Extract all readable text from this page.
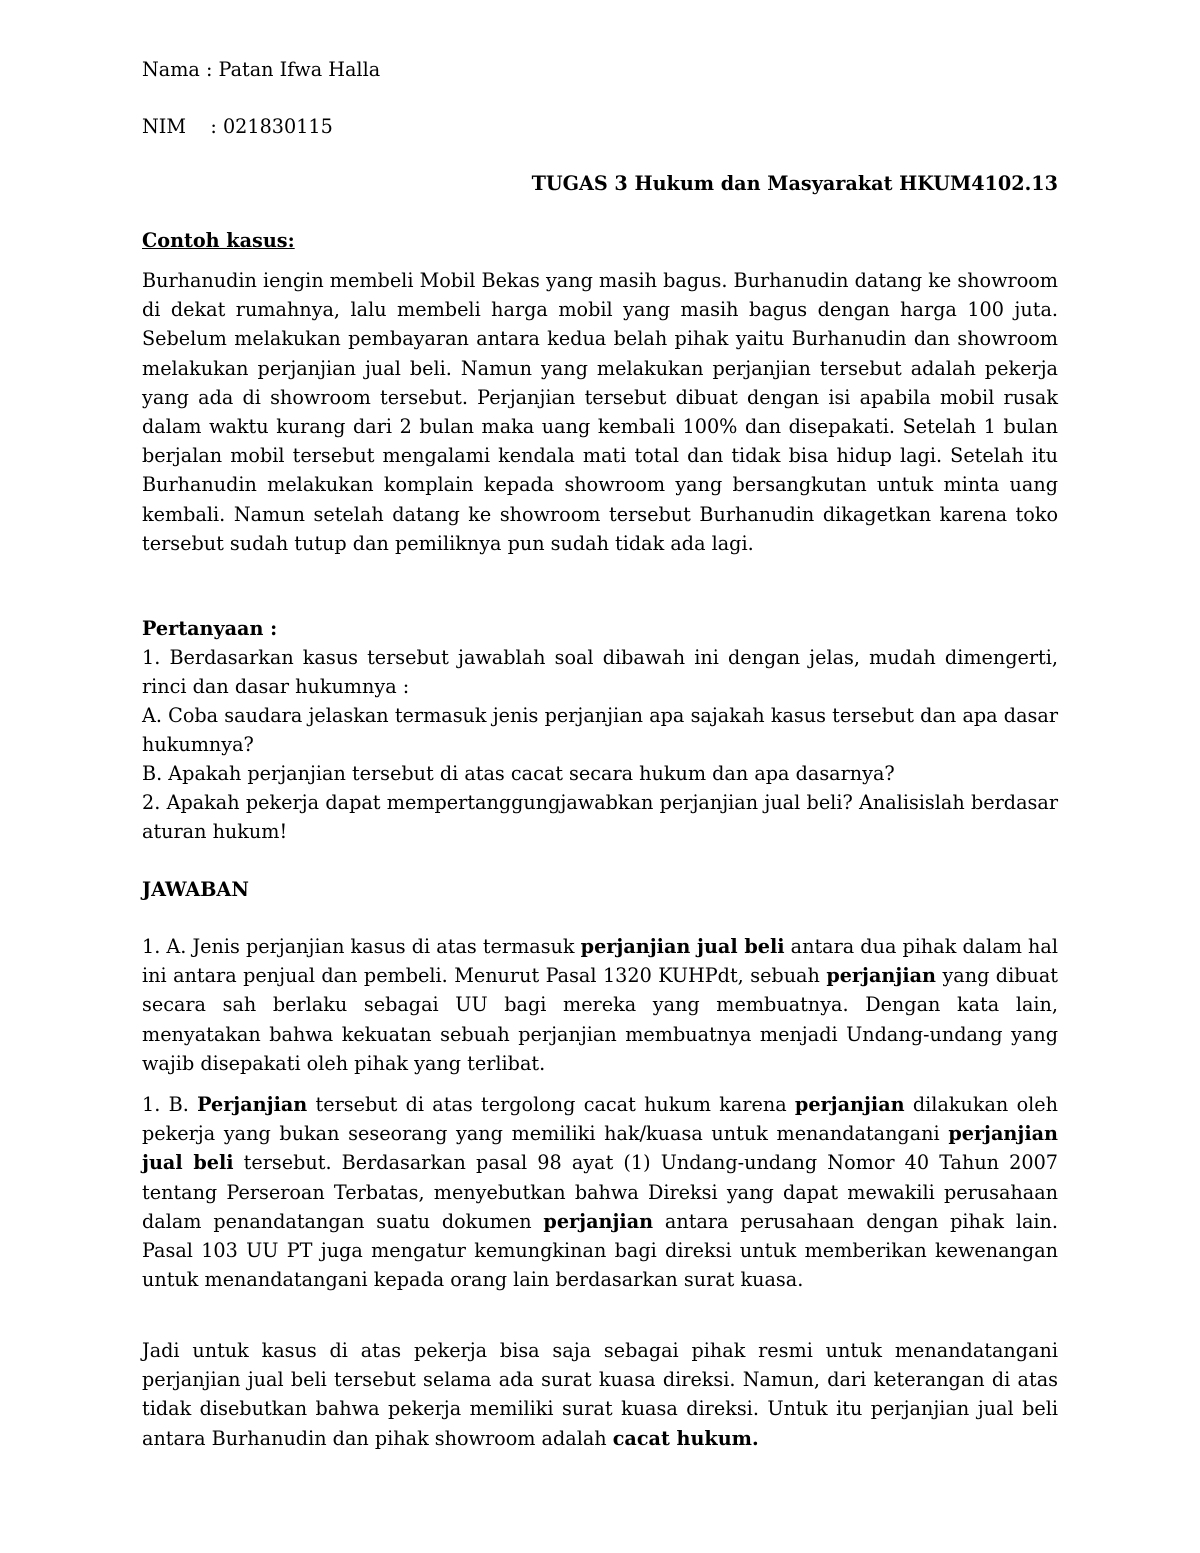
Nama : Patan Ifwa Halla

NIM    : 021830115

TUGAS 3 Hukum dan Masyarakat HKUM4102.13

Contoh kasus:

Burhanudin iengin membeli Mobil Bekas yang masih bagus. Burhanudin datang ke showroom di dekat rumahnya, lalu membeli harga mobil yang masih bagus dengan harga 100 juta. Sebelum melakukan pembayaran antara kedua belah pihak yaitu Burhanudin dan showroom melakukan perjanjian jual beli. Namun yang melakukan perjanjian tersebut adalah pekerja yang ada di showroom tersebut. Perjanjian tersebut dibuat dengan isi apabila mobil rusak dalam waktu kurang dari 2 bulan maka uang kembali 100% dan disepakati. Setelah 1 bulan berjalan mobil tersebut mengalami kendala mati total dan tidak bisa hidup lagi. Setelah itu Burhanudin melakukan komplain kepada showroom yang bersangkutan untuk minta uang kembali. Namun setelah datang ke showroom tersebut Burhanudin dikagetkan karena toko tersebut sudah tutup dan pemiliknya pun sudah tidak ada lagi.

Pertanyaan :

1. Berdasarkan kasus tersebut jawablah soal dibawah ini dengan jelas, mudah dimengerti, rinci dan dasar hukumnya :

A. Coba saudara jelaskan termasuk jenis perjanjian apa sajakah kasus tersebut dan apa dasar hukumnya?

B. Apakah perjanjian tersebut di atas cacat secara hukum dan apa dasarnya?

2. Apakah pekerja dapat mempertanggungjawabkan perjanjian jual beli? Analisislah berdasar aturan hukum!

JAWABAN

1. A. Jenis perjanjian kasus di atas termasuk perjanjian jual beli antara dua pihak dalam hal ini antara penjual dan pembeli. Menurut Pasal 1320 KUHPdt, sebuah perjanjian yang dibuat secara sah berlaku sebagai UU bagi mereka yang membuatnya. Dengan kata lain, menyatakan bahwa kekuatan sebuah perjanjian membuatnya menjadi Undang-undang yang wajib disepakati oleh pihak yang terlibat.

1. B. Perjanjian tersebut di atas tergolong cacat hukum karena perjanjian dilakukan oleh pekerja yang bukan seseorang yang memiliki hak/kuasa untuk menandatangani perjanjian jual beli tersebut. Berdasarkan pasal 98 ayat (1) Undang-undang Nomor 40 Tahun 2007 tentang Perseroan Terbatas, menyebutkan bahwa Direksi yang dapat mewakili perusahaan dalam penandatangan suatu dokumen perjanjian antara perusahaan dengan pihak lain. Pasal 103 UU PT juga mengatur kemungkinan bagi direksi untuk memberikan kewenangan untuk menandatangani kepada orang lain berdasarkan surat kuasa.

Jadi untuk kasus di atas pekerja bisa saja sebagai pihak resmi untuk menandatangani perjanjian jual beli tersebut selama ada surat kuasa direksi. Namun, dari keterangan di atas tidak disebutkan bahwa pekerja memiliki surat kuasa direksi. Untuk itu perjanjian jual beli antara Burhanudin dan pihak showroom adalah cacat hukum.
